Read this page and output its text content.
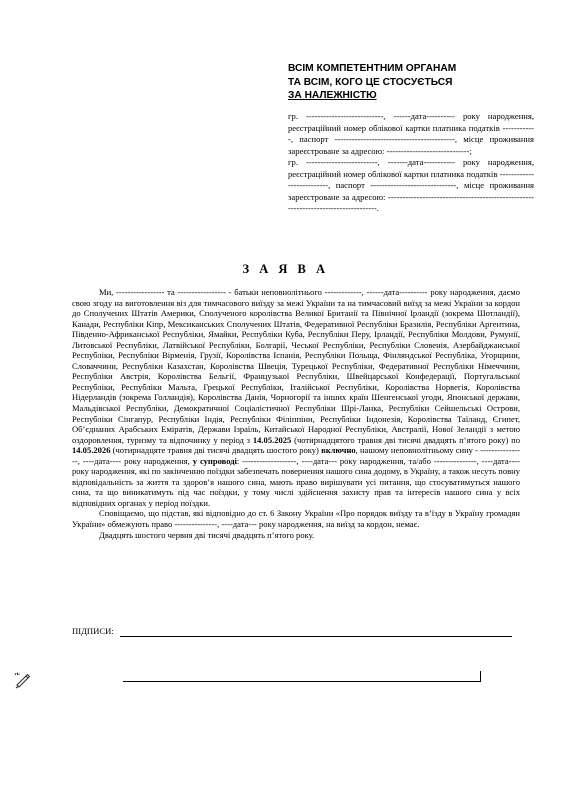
ВСІМ КОМПЕТЕНТНИМ ОРГАНАМ
ТА ВСІМ, КОГО ЦЕ СТОСУЄТЬСЯ
ЗА НАЛЕЖНІСТЮ

гр. ---------------------------, ------дата---------- року народження, реєстраційний номер облікової картки платника податків ------------, паспорт ------------------------------------------, місце проживання зареєстроване за адресою: -----------------------------;

гр. -------------------------, -------дата----------- року народження, реєстраційний номер облікової картки платника податків --------------------------, паспорт ------------------------------, місце проживання зареєстроване за адресою: ----------------------------------------------------------------------------------.

З А Я В А

Ми, ----------------- та ----------------- - батьки неповнолітнього -------------, ------дата---------- року народження, даємо свою згоду на виготовлення віз для тимчасового виїзду за межі України та на тимчасовий виїзд за межі України за кордон до Сполучених Штатів Америки, Сполученого королівства Великої Британії та Північної Ірландії (зокрема Шотландії), Канади, Республіки Кіпр, Мексиканських Сполучених Штатів, Федеративної Республіки Бразилія, Республіки Аргентина, Південно-Африканської Республіки, Ямайки, Республіки Куба, Республіки Перу, Ірландії, Республіки Молдови, Румунії, Литовської Республіки, Латвійської Республіки, Болгарії, Чеської Республіки, Республіки Словенія, Азербайджанської Республіки, Республіки Вірменія, Грузії, Королівства Іспанія, Республіки Польща, Фінляндської Республіка, Угорщини, Словаччини, Республіки Казахстан, Королівства Швеція, Турецької Республіки, Федеративної Республіки Німеччини, Республіки Австрія, Королівства Бельгії, Французької Республіки, Швейцарської Конфедерації, Португальської Республіки, Республіки Мальта, Грецької Республіки, Італійської Республіки, Королівства Норвегія, Королівства Нідерландів (зокрема Голландія), Королівства Данія, Чорногорії та інших країн Шенгенської угоди, Японської держави, Мальдівської Республіки, Демократичної Соціалістичної Республіки Шрі-Ланка, Республіки Сейшельські Острови, Республіки Сінгапур, Республіки Індія, Республіки Філіппіни, Республіки Індонезія, Королівства Таїланд, Єгипет, Об’єднаних Арабських Еміратів, Держави Ізраїль, Китайської Народної Республіки, Австралії, Нової Зеландії з метою оздоровлення, туризму та відпочинку у період з 14.05.2025 (чотирнадцятого травня дві тисячі двадцять п’ятого року) по 14.05.2026 (чотирнадцяте травня дві тисячі двадцять шостого року) включно, нашому неповнолітньому сину - ----------------, ----дата---- року народження, у супроводі: -------------------, ----дата--- року народження, та/або ---------------, ----дата---- року народження, які по закінченню поїздки забезпечать повернення нашого сина додому, в Україну, а також несуть повну відповідальність за життя та здоров’я нашого сина, мають право вирішувати усі питання, що стосуватимуться нашого сина, та що виникатимуть під час поїздки, у тому числі здійснення захисту прав та інтересів нашого сина у всіх відповідних органах у період поїздки.

Сповіщаємо, що підстав, які відповідно до ст. 6 Закону України «Про порядок виїзду та в’їзду в Україну громадян України» обмежують право ---------------, ----дата--- року народження, на виїзд за кордон, немає.

Двадцять шостого червня дві тисячі двадцять п’ятого року.

ПІДПИСИ:
